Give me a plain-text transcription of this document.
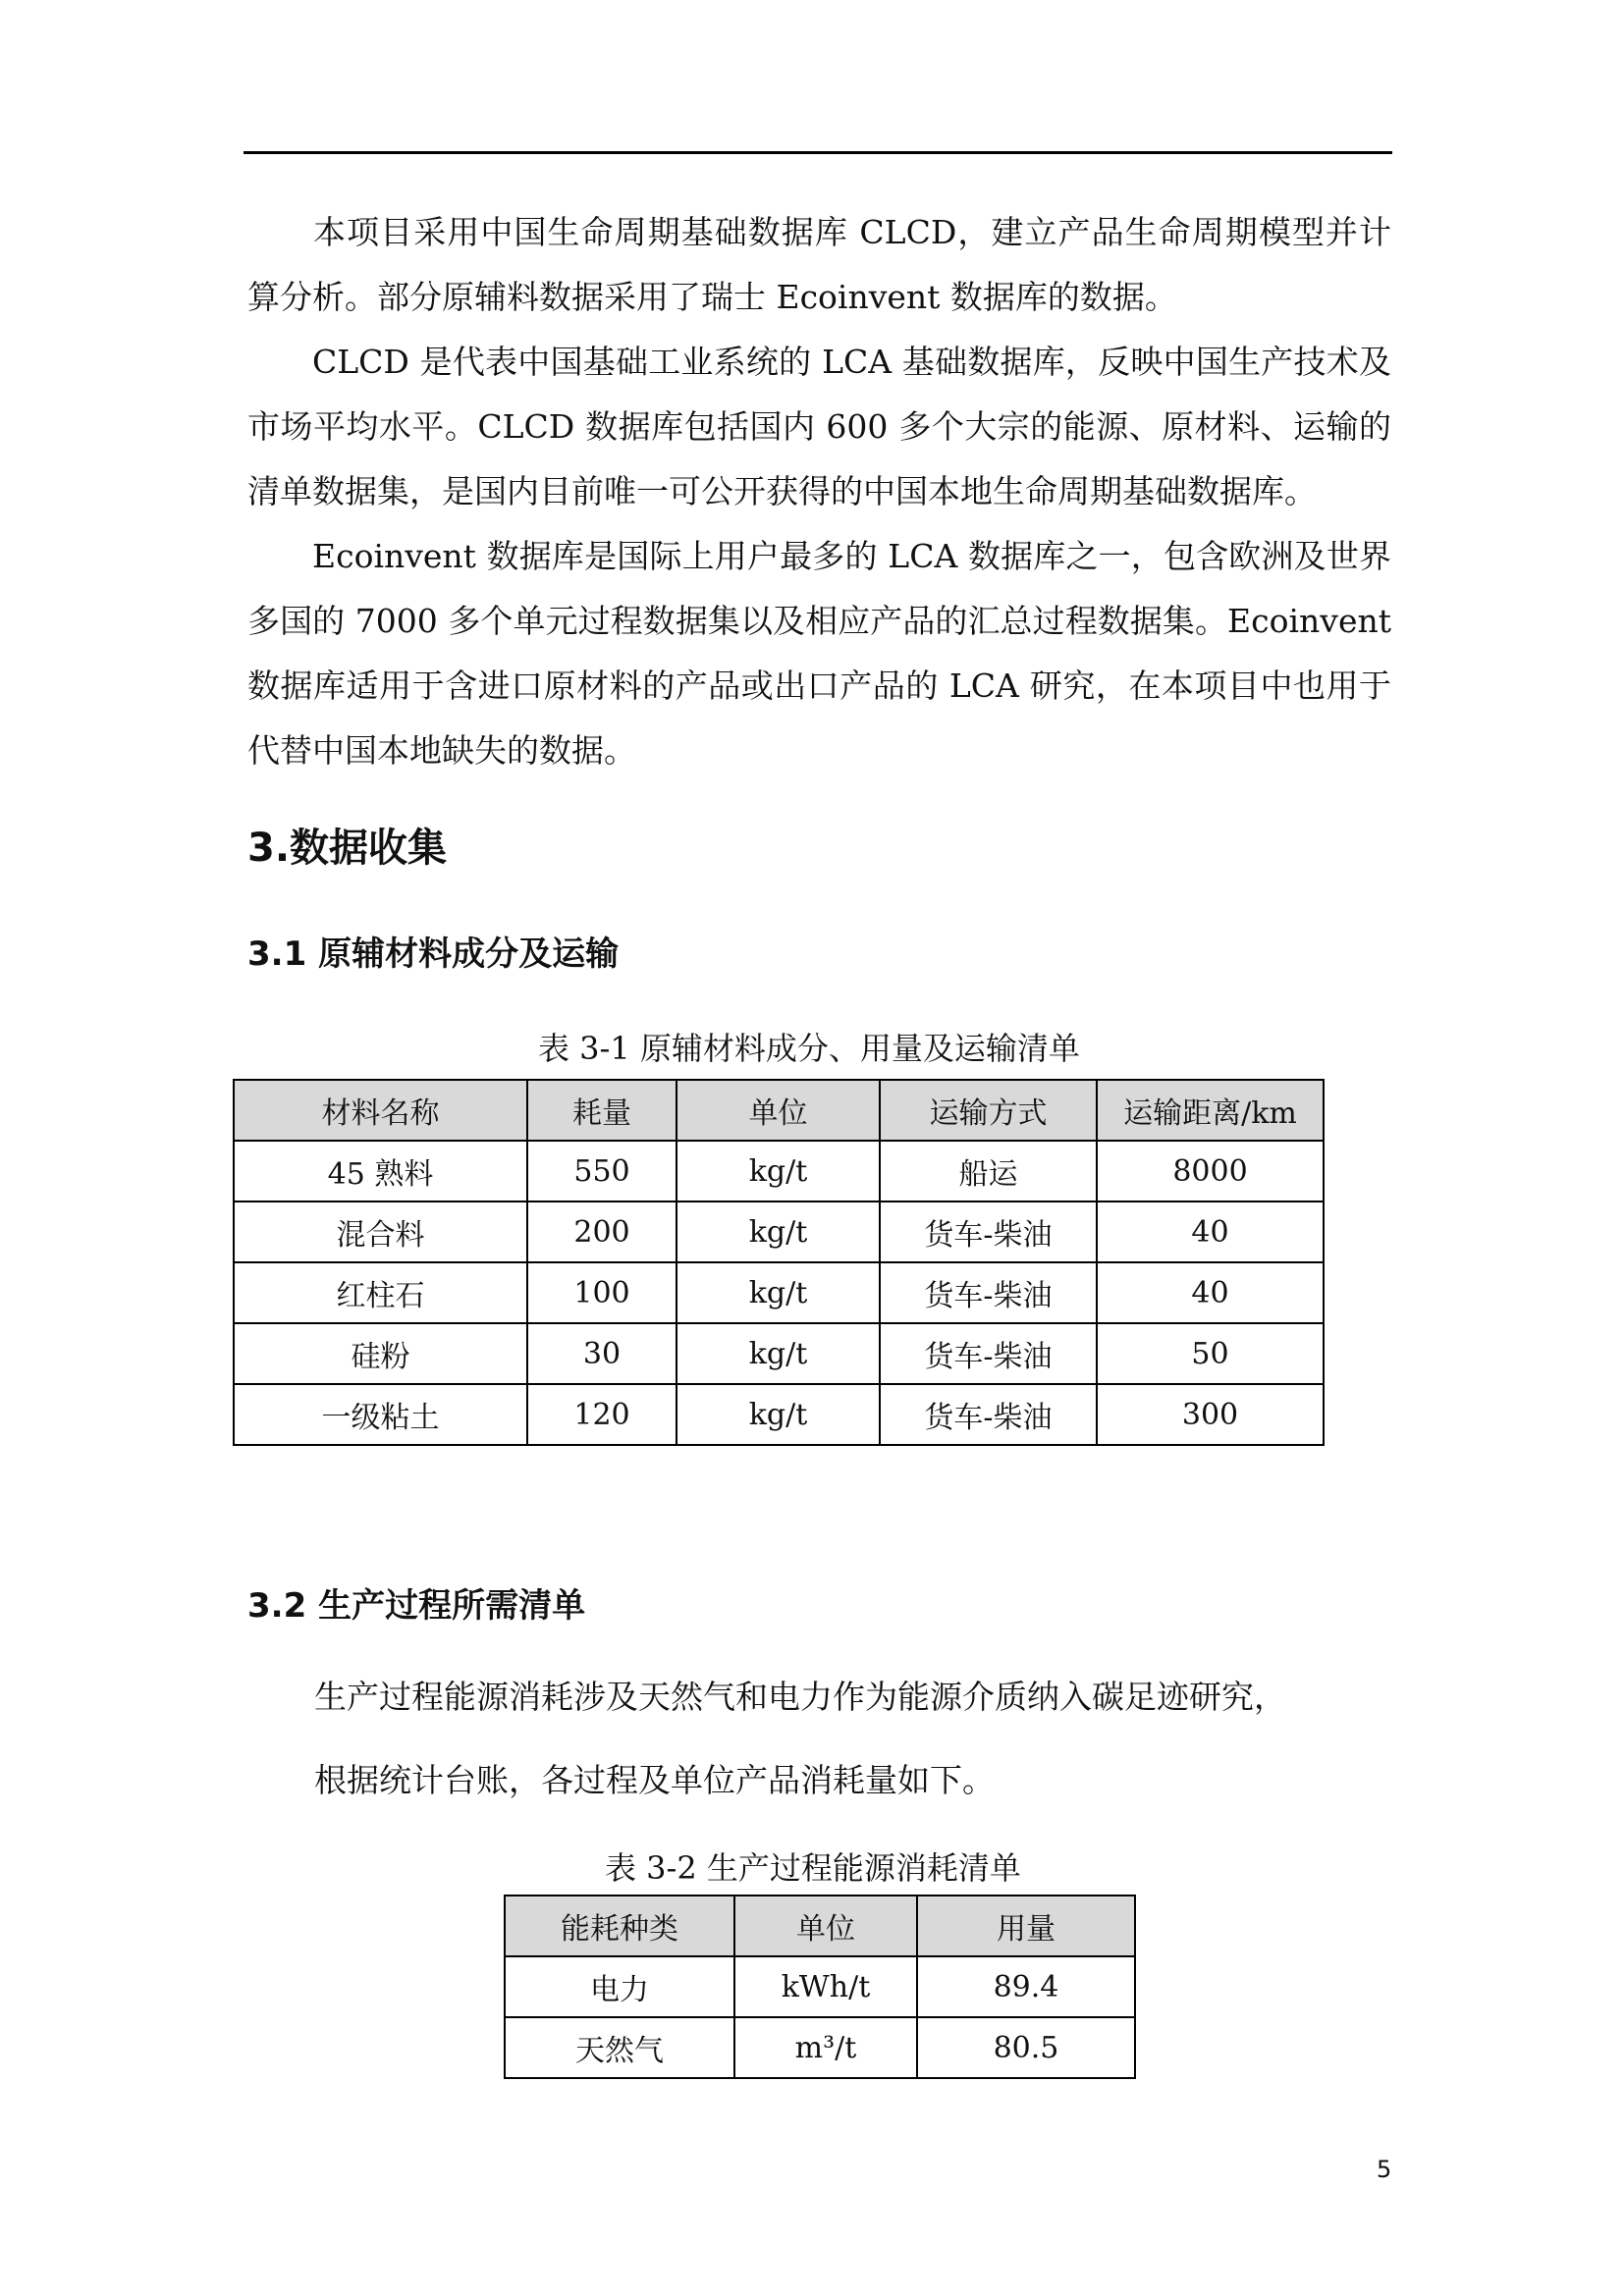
本项目采用中国生命周期基础数据库 CLCD，建立产品生命周期模型并计算分析。部分原辅料数据采用了瑞士 Ecoinvent 数据库的数据。

CLCD 是代表中国基础工业系统的 LCA 基础数据库，反映中国生产技术及市场平均水平。CLCD 数据库包括国内 600 多个大宗的能源、原材料、运输的清单数据集，是国内目前唯一可公开获得的中国本地生命周期基础数据库。

Ecoinvent 数据库是国际上用户最多的 LCA 数据库之一，包含欧洲及世界多国的 7000 多个单元过程数据集以及相应产品的汇总过程数据集。Ecoinvent 数据库适用于含进口原材料的产品或出口产品的 LCA 研究，在本项目中也用于代替中国本地缺失的数据。

3.数据收集
3.1 原辅材料成分及运输

表 3-1 原辅材料成分、用量及运输清单

材料名称	耗量	单位	运输方式	运输距离/km
45 熟料	550	kg/t	船运	8000
混合料	200	kg/t	货车-柴油	40
红柱石	100	kg/t	货车-柴油	40
硅粉	30	kg/t	货车-柴油	50
一级粘土	120	kg/t	货车-柴油	300
3.2 生产过程所需清单

生产过程能源消耗涉及天然气和电力作为能源介质纳入碳足迹研究，

根据统计台账，各过程及单位产品消耗量如下。

表 3-2 生产过程能源消耗清单

能耗种类	单位	用量
电力	kWh/t	89.4
天然气	m³/t	80.5
5
